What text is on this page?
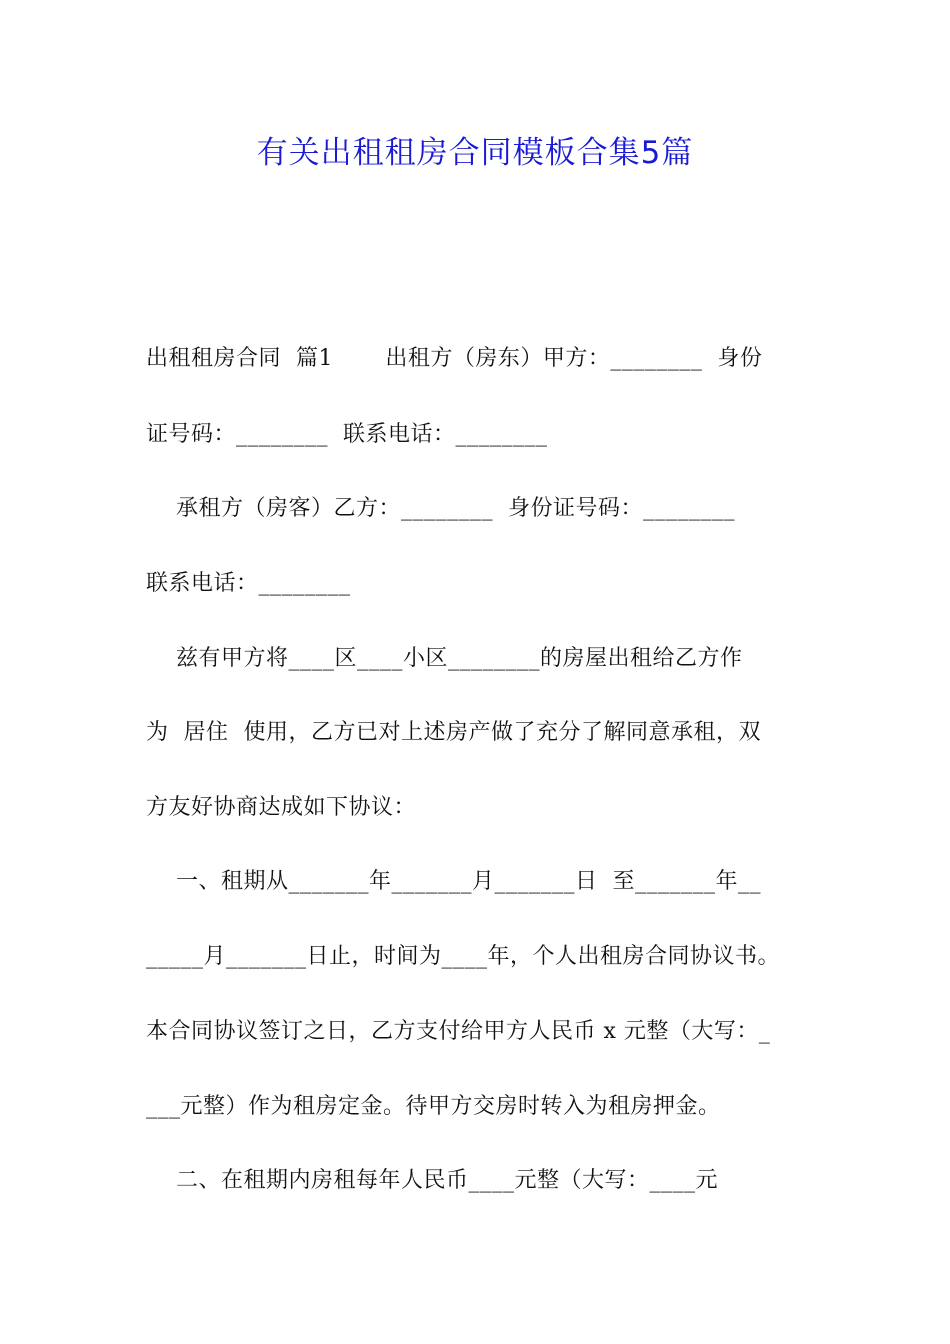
有关出租租房合同模板合集5篇
出租租房合同  篇1       出租方（房东）甲方：________  身份
证号码：________  联系电话：________
承租方（房客）乙方：________  身份证号码：________
联系电话：________
兹有甲方将____区____小区________的房屋出租给乙方作
为  居住  使用，乙方已对上述房产做了充分了解同意承租，双
方友好协商达成如下协议：
一、租期从_______年_______月_______日  至_______年__
_____月_______日止，时间为____年，个人出租房合同协议书。
本合同协议签订之日，乙方支付给甲方人民币 x 元整（大写：_
___元整）作为租房定金。待甲方交房时转入为租房押金。
二、在租期内房租每年人民币____元整（大写：____元
